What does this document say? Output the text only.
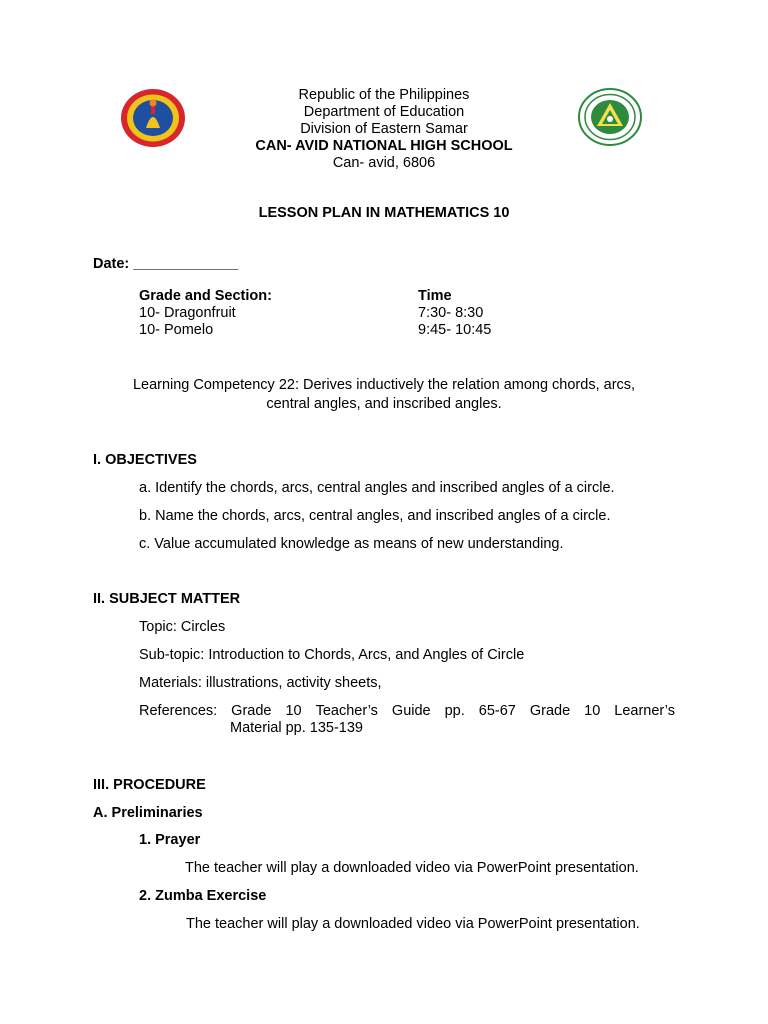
Republic of the Philippines
Department of Education
Division of Eastern Samar
CAN- AVID NATIONAL HIGH SCHOOL
Can- avid, 6806
LESSON PLAN IN MATHEMATICS 10
Date: _____________
Grade and Section:	Time
10- Dragonfruit	7:30- 8:30
10- Pomelo	9:45- 10:45
Learning Competency 22: Derives inductively the relation among chords, arcs,
central angles, and inscribed angles.
I. OBJECTIVES
a. Identify the chords, arcs, central angles and inscribed angles of a circle.
b. Name the chords, arcs, central angles, and inscribed angles of a circle.
c. Value accumulated knowledge as means of new understanding.
II. SUBJECT MATTER
Topic: Circles
Sub-topic: Introduction to Chords, Arcs, and Angles of Circle
Materials: illustrations, activity sheets,
References: Grade 10 Teacher’s Guide pp. 65-67 Grade 10 Learner’s
Material pp. 135-139
III. PROCEDURE
A. Preliminaries
1. Prayer
The teacher will play a downloaded video via PowerPoint presentation.
2. Zumba Exercise
The teacher will play a downloaded video via PowerPoint presentation.
